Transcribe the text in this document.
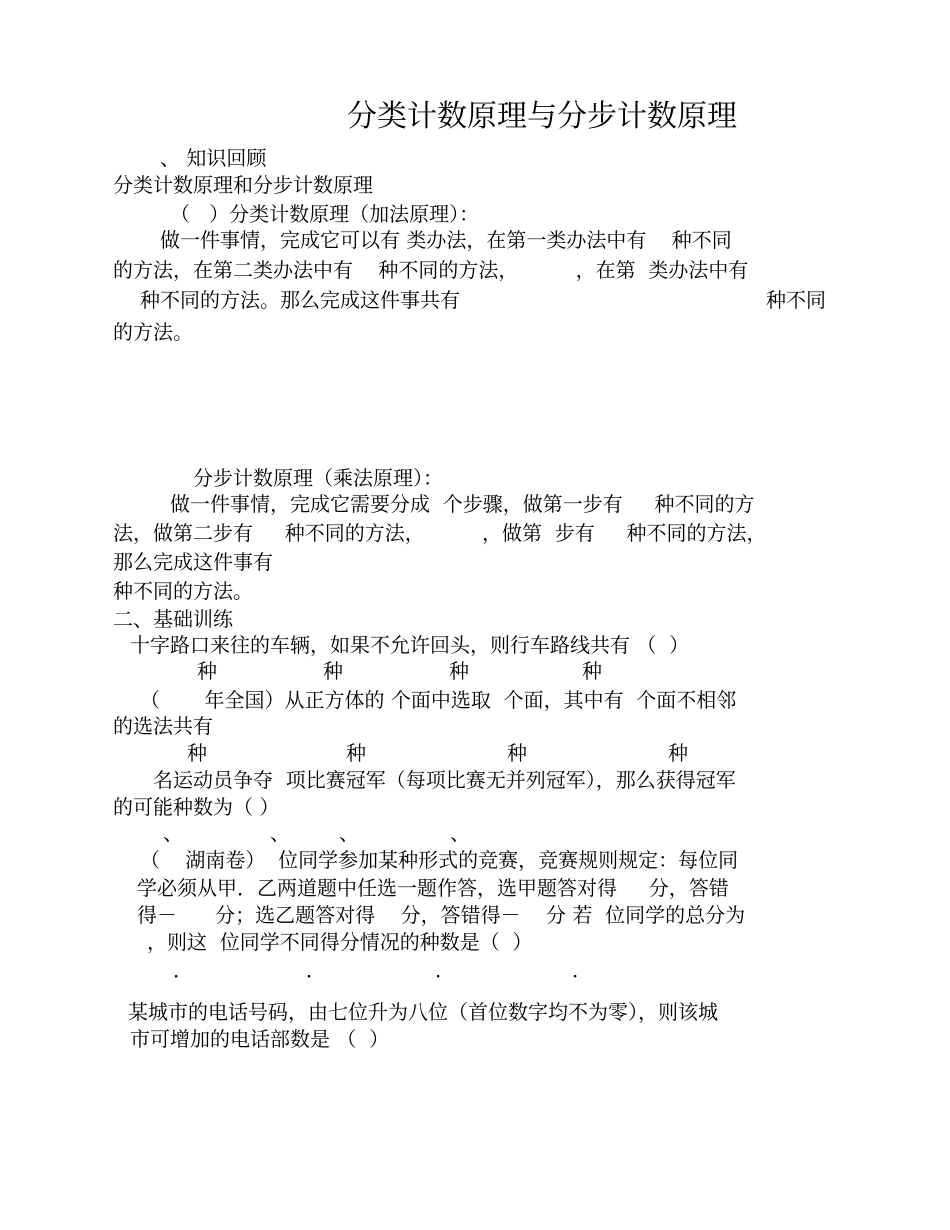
分类计数原理与分步计数原理
、 知识回顾
分类计数原理和分步计数原理
（   ）分类计数原理（加法原理）：
做一件事情，完成它可以有 类办法，在第一类办法中有    种不同
的方法，在第二类办法中有    种不同的方法，         ，在第  类办法中有
种不同的方法。那么完成这件事共有	种不同
的方法。
分步计数原理（乘法原理）：
做一件事情，完成它需要分成  个步骤，做第一步有     种不同的方
法，做第二步有     种不同的方法，         ，做第  步有     种不同的方法，
那么完成这件事有
种不同的方法。
二、基础训练
十字路口来往的车辆，如果不允许回头，则行车路线共有 （  ）
种	种	种	种
（       年全国）从正方体的 个面中选取  个面，其中有  个面不相邻
的选法共有
种	种	种	种
名运动员争夺  项比赛冠军（每项比赛无并列冠军），那么获得冠军
的可能种数为（ ）
、	、 、	、
（    湖南卷）  位同学参加某种形式的竞赛，竞赛规则规定：每位同
学必须从甲．乙两道题中任选一题作答，选甲题答对得     分，答错
得－      分；选乙题答对得    分，答错得－    分 若  位同学的总分为
，则这  位同学不同得分情况的种数是（  ）
．	．	．	．
某城市的电话号码，由七位升为八位（首位数字均不为零），则该城
市可增加的电话部数是 （  ）
